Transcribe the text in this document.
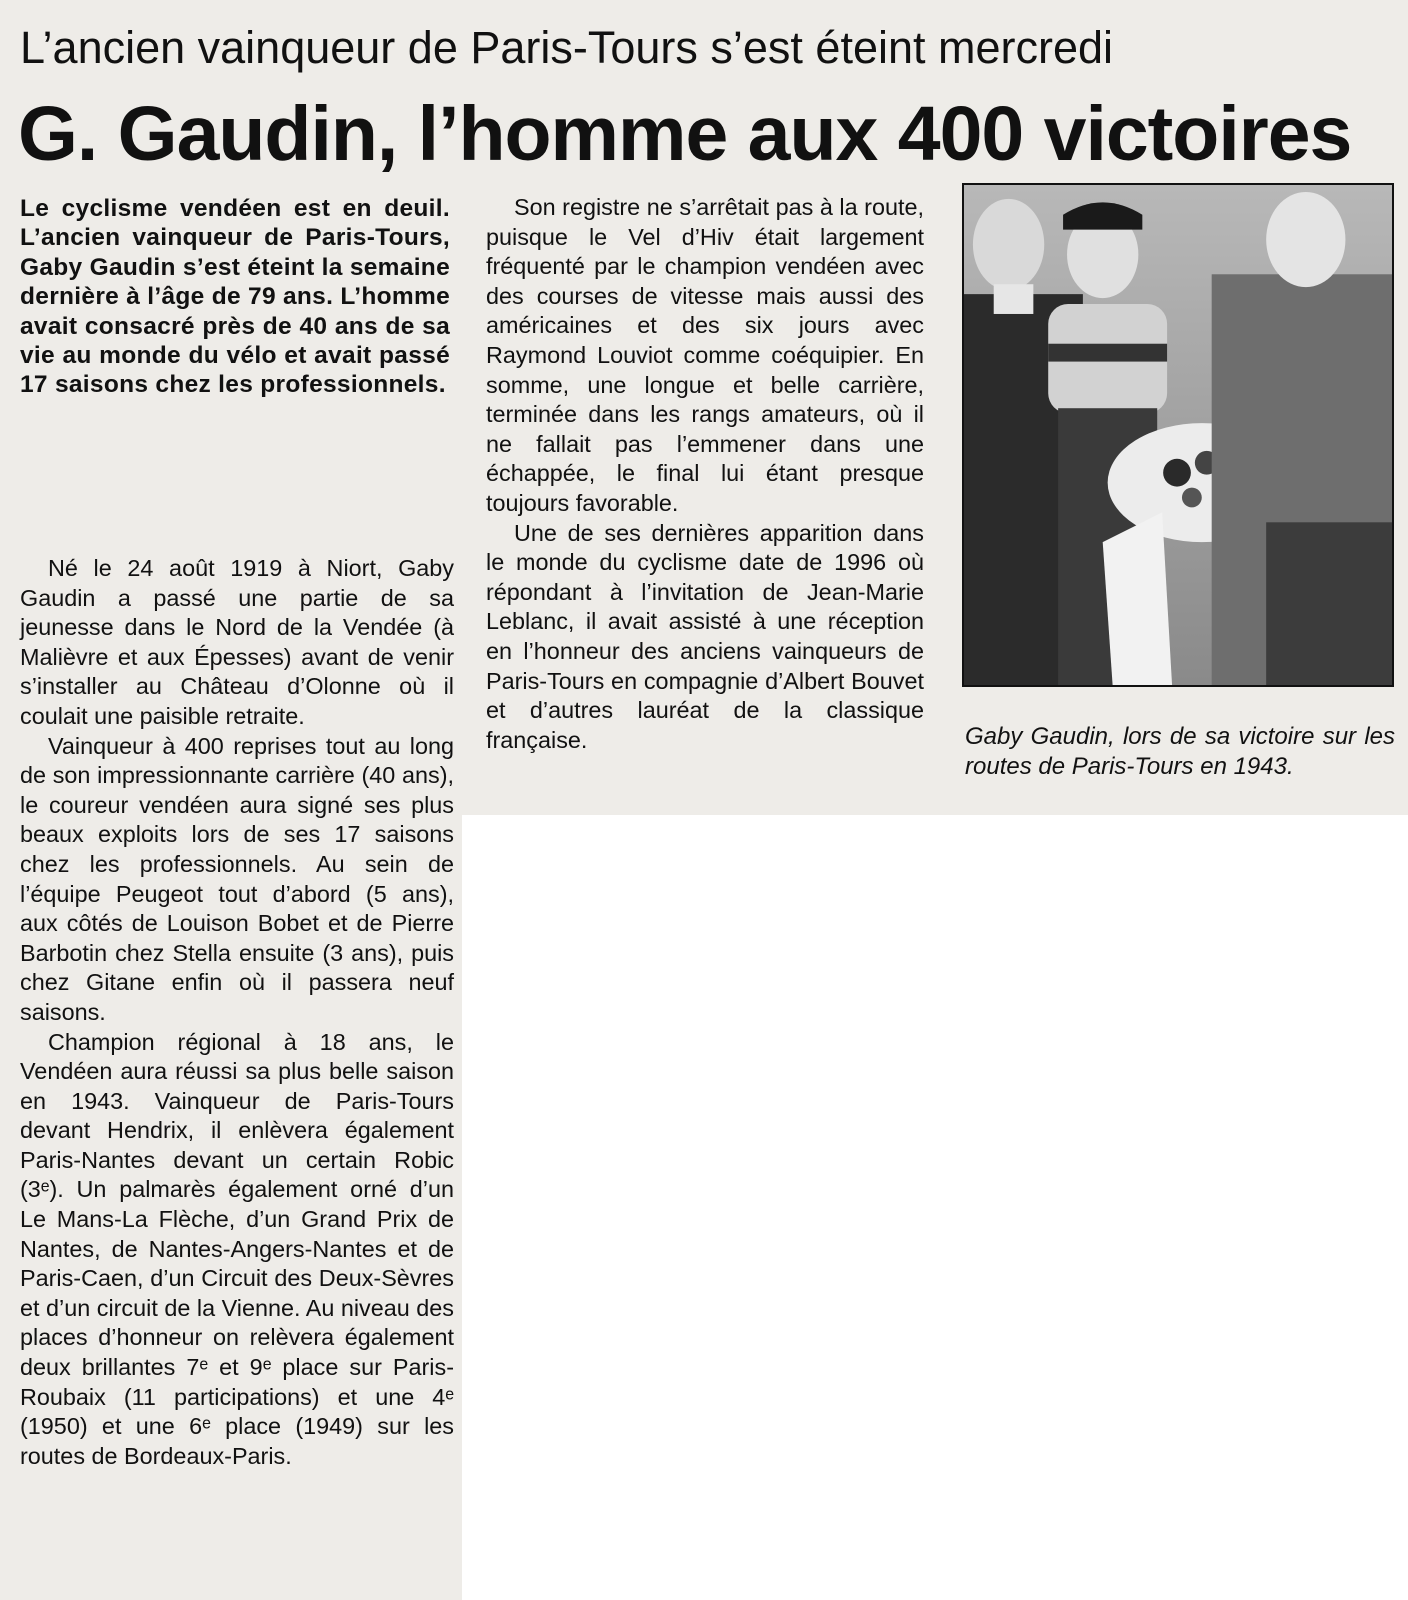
L’ancien vainqueur de Paris-Tours s’est éteint mercredi
G. Gaudin, l’homme aux 400 victoires
Le cyclisme vendéen est en deuil. L’ancien vainqueur de Paris-Tours, Gaby Gaudin s’est éteint la semaine dernière à l’âge de 79 ans. L’homme avait consacré près de 40 ans de sa vie au monde du vélo et avait passé 17 saisons chez les professionnels.

Né le 24 août 1919 à Niort, Gaby Gaudin a passé une partie de sa jeunesse dans le Nord de la Vendée (à Malièvre et aux Épesses) avant de venir s’installer au Château d’Olonne où il coulait une paisible retraite.

Vainqueur à 400 reprises tout au long de son impressionnante carrière (40 ans), le coureur vendéen aura signé ses plus beaux exploits lors de ses 17 saisons chez les professionnels. Au sein de l’équipe Peugeot tout d’abord (5 ans), aux côtés de Louison Bobet et de Pierre Barbotin chez Stella ensuite (3 ans), puis chez Gitane enfin où il passera neuf saisons.

Champion régional à 18 ans, le Vendéen aura réussi sa plus belle saison en 1943. Vainqueur de Paris-Tours devant Hendrix, il enlèvera également Paris-Nantes devant un certain Robic (3ᵉ). Un palmarès également orné d’un Le Mans-La Flèche, d’un Grand Prix de Nantes, de Nantes-Angers-Nantes et de Paris-Caen, d’un Circuit des Deux-Sèvres et d’un circuit de la Vienne. Au niveau des places d’honneur on relèvera également deux brillantes 7ᵉ et 9ᵉ place sur Paris-Roubaix (11 participations) et une 4ᵉ (1950) et une 6ᵉ place (1949) sur les routes de Bordeaux-Paris.

Son registre ne s’arrêtait pas à la route, puisque le Vel d’Hiv était largement fréquenté par le champion vendéen avec des courses de vitesse mais aussi des américaines et des six jours avec Raymond Louviot comme coéquipier. En somme, une longue et belle carrière, terminée dans les rangs amateurs, où il ne fallait pas l’emmener dans une échappée, le final lui étant presque toujours favorable.

Une de ses dernières apparition dans le monde du cyclisme date de 1996 où répondant à l’invitation de Jean-Marie Leblanc, il avait assisté à une réception en l’honneur des anciens vainqueurs de Paris-Tours en compagnie d’Albert Bouvet et d’autres lauréat de la classique française.	Gaby Gaudin, lors de sa victoire sur les routes de Paris-Tours en 1943.
